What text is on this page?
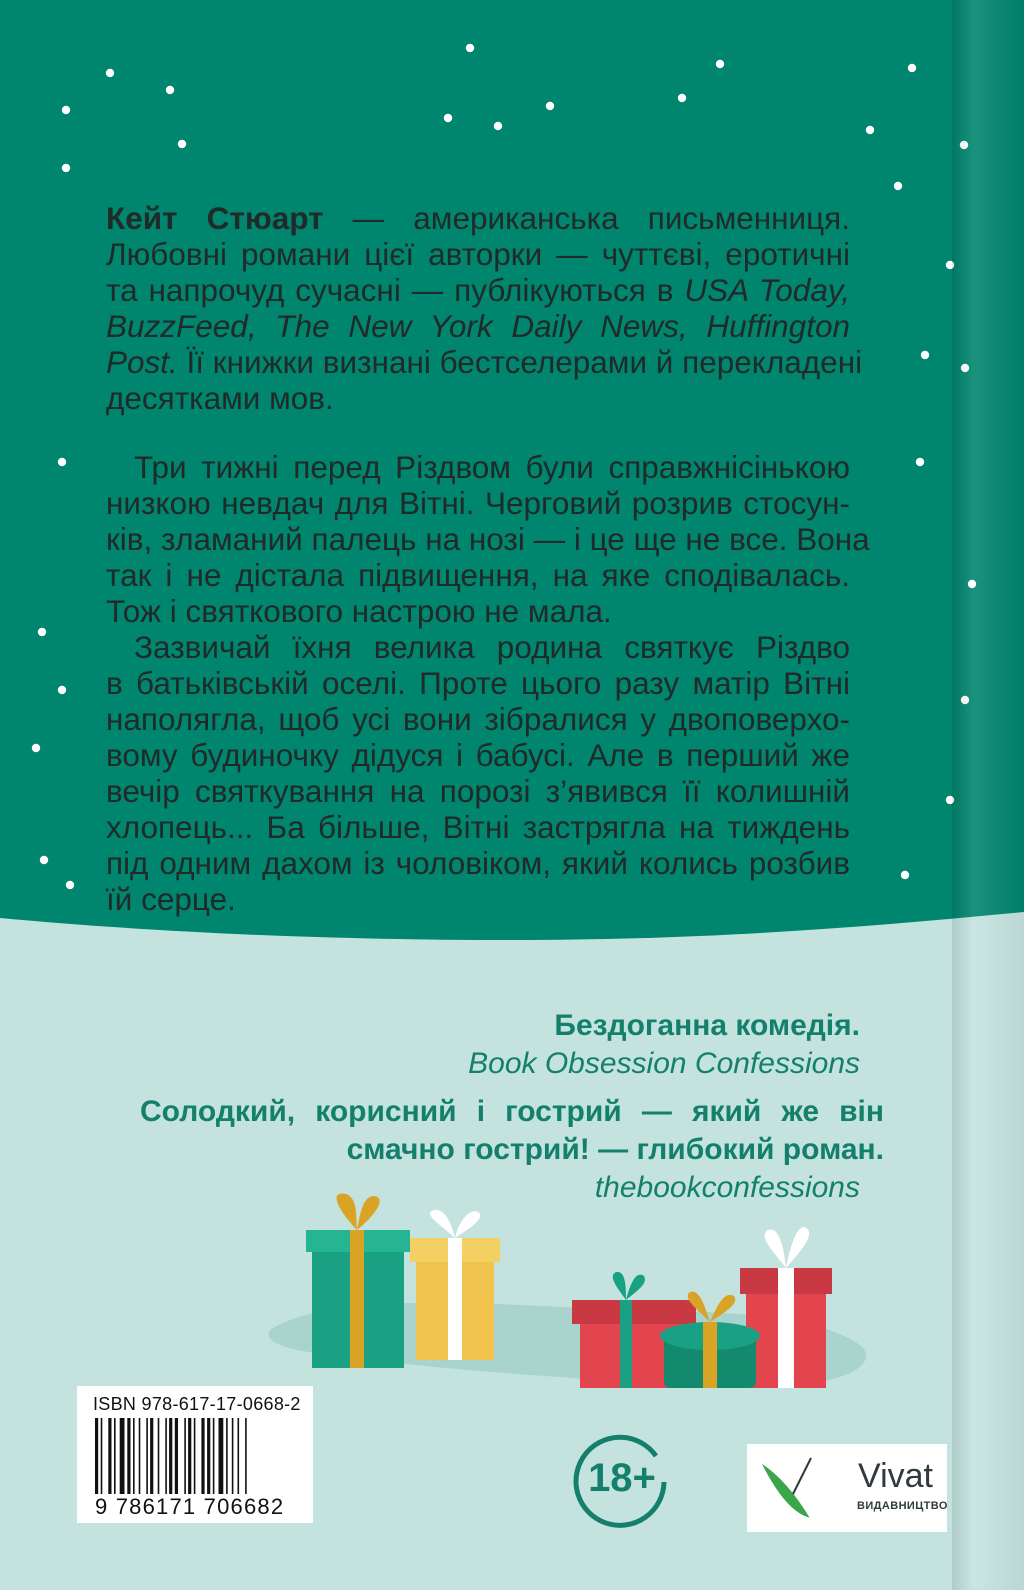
Кейт Стюарт — американська письменниця.
Любовні романи цієї авторки — чуттєві, еротичні
та напрочуд сучасні — публікуються в USA Today,
BuzzFeed, The New York Daily News, Huffington
Post. Її книжки визнані бестселерами й перекладені
десятками мов.
Три тижні перед Різдвом були справжнісінькою
низкою невдач для Вітні. Черговий розрив стосун-
ків, зламаний палець на нозі — і це ще не все. Вона
так і не дістала підвищення, на яке сподівалась.
Тож і святкового настрою не мала.
Зазвичай їхня велика родина святкує Різдво
в батьківській оселі. Проте цього разу матір Вітні
наполягла, щоб усі вони зібралися у двоповерхо-
вому будиночку дідуся і бабусі. Але в перший же
вечір святкування на порозі з’явився її колишній
хлопець... Ба більше, Вітні застрягла на тиждень
під одним дахом із чоловіком, який колись розбив
їй серце.
Бездоганна комедія.
Book Obsession Confessions
Солодкий, корисний і гострий — який же він
смачно гострий! — глибокий роман.
thebookconfessions
ISBN 978-617-17-0668-2
9 786171 706682
18+	Vivat
ВИДАВНИЦТВО
